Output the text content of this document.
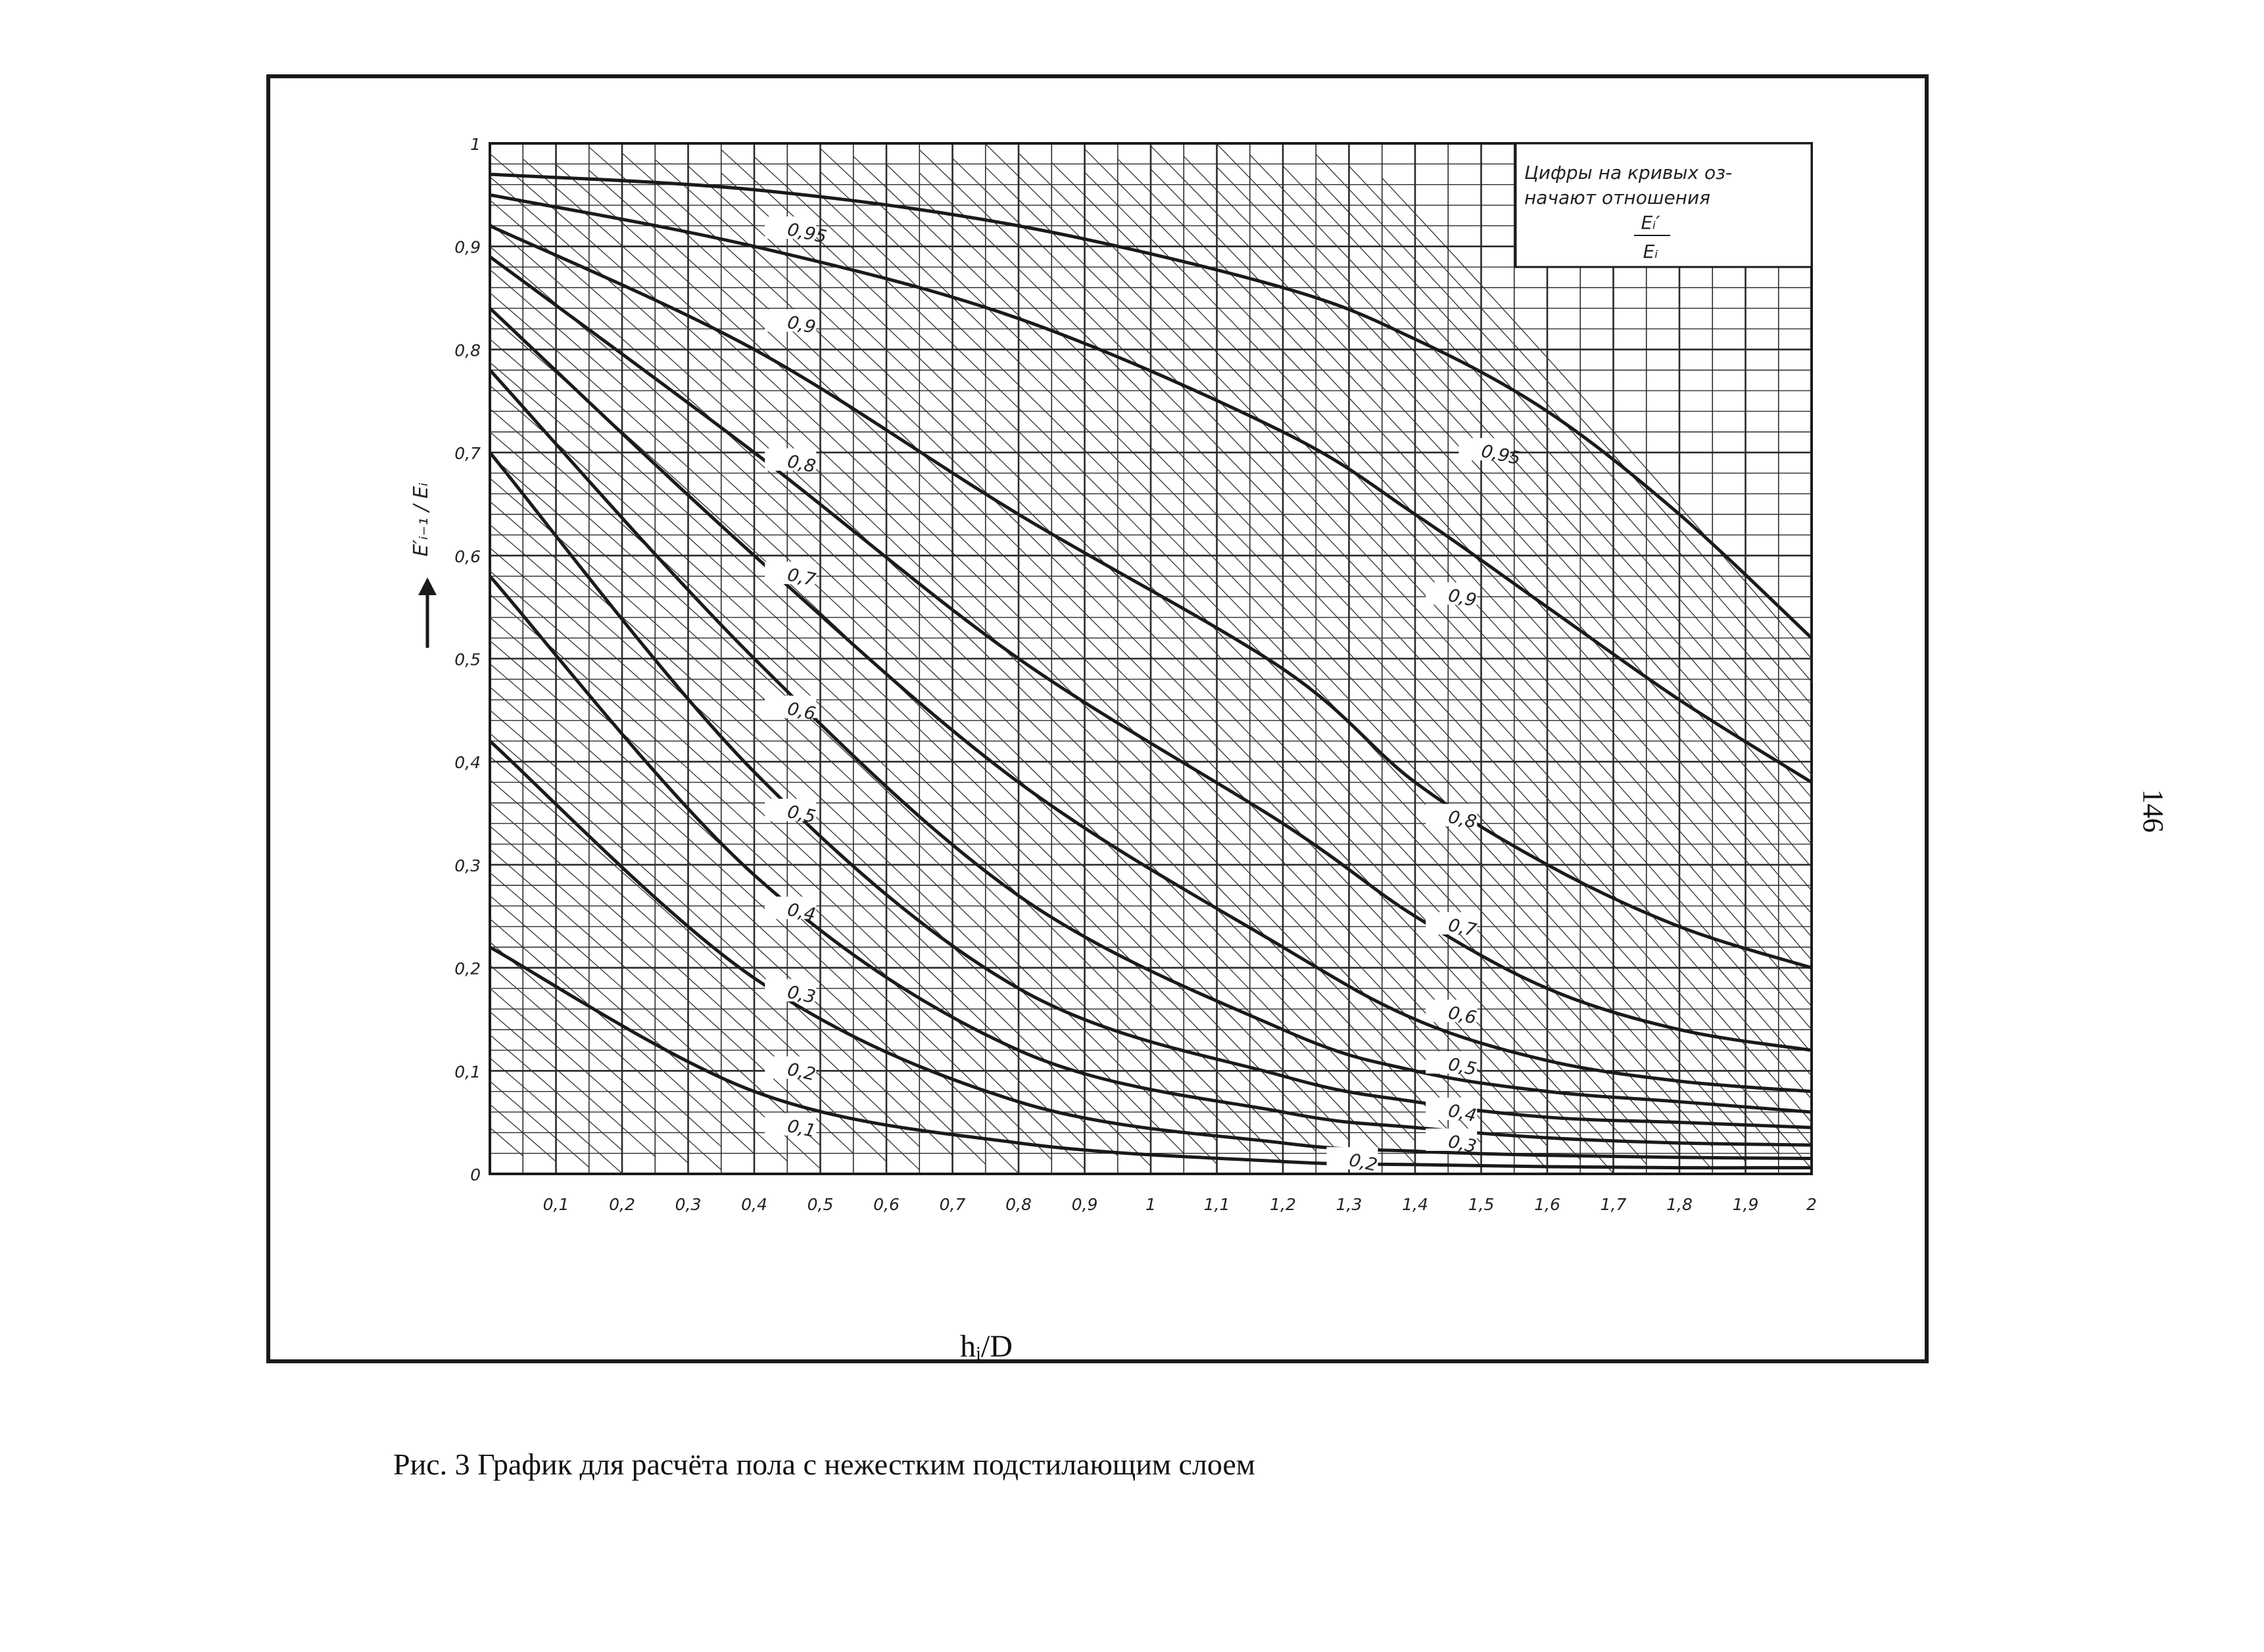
0,95
0,9
0,8
0,7
0,6
0,5
0,4
0,3
0,2
0,1
0,95
0,9
0,8
0,7
0,6
0,5
0,4
0,3
0,2
0,1 0,2 0,3 0,4 0,5 0,6 0,7 0,8 0,9	1	1,1 1,2 1,3 1,4 1,5 1,6 1,7 1,8 1,9	2
0
0,1
0,2
0,3
0,4
0,5
0,6
0,7
0,8
0,9
1
Цифры на кривых оз-
начают отношения
Eᵢ′
Eᵢ
E′ᵢ₋₁ / Eᵢ
hᵢ/D
Рис. 3 График для расчёта пола с нежестким подстилающим слоем
146
